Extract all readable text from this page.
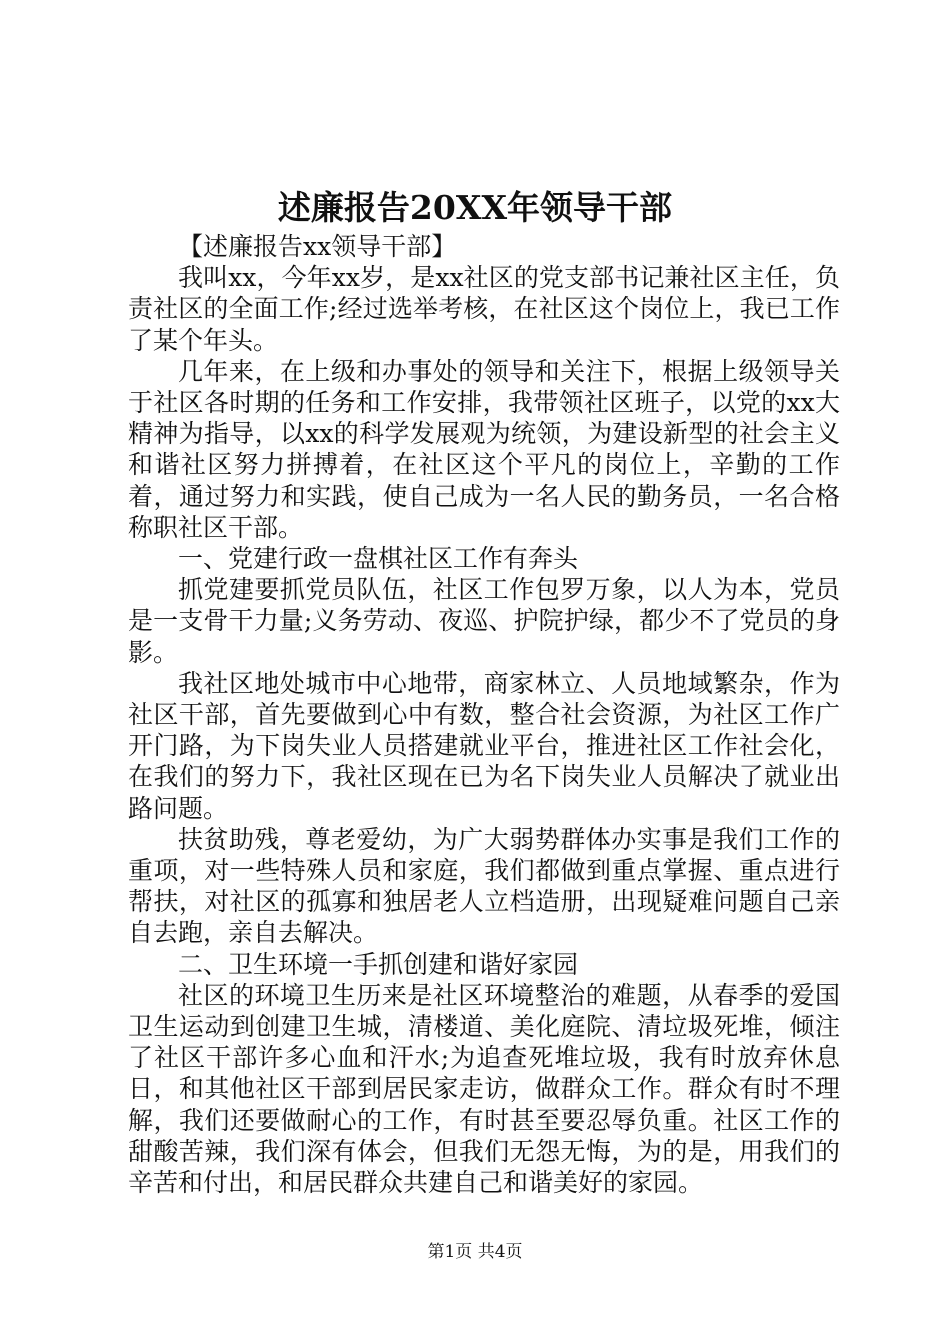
述廉报告20XX年领导干部

【述廉报告xx领导干部】

我叫xx，今年xx岁，是xx社区的党支部书记兼社区主任，负责社区的全面工作;经过选举考核，在社区这个岗位上，我已工作了某个年头。

几年来，在上级和办事处的领导和关注下，根据上级领导关于社区各时期的任务和工作安排，我带领社区班子，以党的xx大精神为指导，以xx的科学发展观为统领，为建设新型的社会主义和谐社区努力拼搏着，在社区这个平凡的岗位上，辛勤的工作着，通过努力和实践，使自己成为一名人民的勤务员，一名合格称职社区干部。

一、党建行政一盘棋社区工作有奔头

抓党建要抓党员队伍，社区工作包罗万象，以人为本，党员是一支骨干力量;义务劳动、夜巡、护院护绿，都少不了党员的身影。

我社区地处城市中心地带，商家林立、人员地域繁杂，作为社区干部，首先要做到心中有数，整合社会资源，为社区工作广开门路，为下岗失业人员搭建就业平台，推进社区工作社会化，在我们的努力下，我社区现在已为名下岗失业人员解决了就业出路问题。

扶贫助残，尊老爱幼，为广大弱势群体办实事是我们工作的重项，对一些特殊人员和家庭，我们都做到重点掌握、重点进行帮扶，对社区的孤寡和独居老人立档造册，出现疑难问题自己亲自去跑，亲自去解决。

二、卫生环境一手抓创建和谐好家园

社区的环境卫生历来是社区环境整治的难题，从春季的爱国卫生运动到创建卫生城，清楼道、美化庭院、清垃圾死堆，倾注了社区干部许多心血和汗水;为追查死堆垃圾，我有时放弃休息日，和其他社区干部到居民家走访，做群众工作。群众有时不理解，我们还要做耐心的工作，有时甚至要忍辱负重。社区工作的甜酸苦辣，我们深有体会，但我们无怨无悔，为的是，用我们的辛苦和付出，和居民群众共建自己和谐美好的家园。

第1页 共4页
